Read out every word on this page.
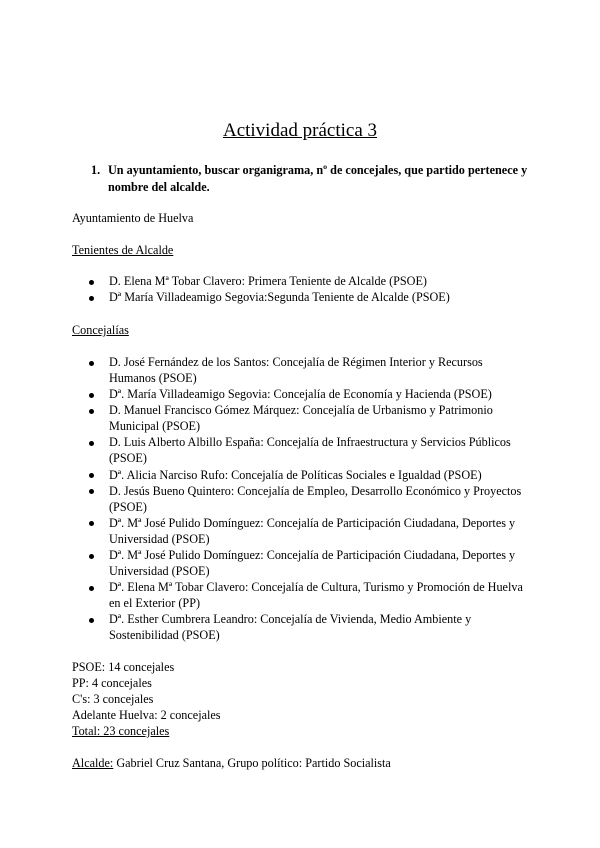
Actividad práctica 3
1. Un ayuntamiento, buscar organigrama, nº de concejales, que partido pertenece y nombre del alcalde.
Ayuntamiento de Huelva
Tenientes de Alcalde
D. Elena Mª Tobar Clavero: Primera Teniente de Alcalde (PSOE)
Dª María Villadeamigo Segovia:Segunda Teniente de Alcalde (PSOE)
Concejalías
D. José Fernández de los Santos: Concejalía de Régimen Interior y Recursos Humanos (PSOE)
Dª. María Villadeamigo Segovia: Concejalía de Economía y Hacienda (PSOE)
D. Manuel Francisco Gómez Márquez: Concejalía de Urbanismo y Patrimonio Municipal (PSOE)
D. Luis Alberto Albillo España: Concejalía de Infraestructura y Servicios Públicos (PSOE)
Dª. Alicia Narciso Rufo: Concejalía de Políticas Sociales e Igualdad (PSOE)
D. Jesús Bueno Quintero: Concejalía de Empleo, Desarrollo Económico y Proyectos (PSOE)
Dª. Mª José Pulido Domínguez: Concejalía de Participación Ciudadana, Deportes y Universidad (PSOE)
Dª. Mª José Pulido Domínguez: Concejalía de Participación Ciudadana, Deportes y Universidad (PSOE)
Dª. Elena Mª Tobar Clavero: Concejalía de Cultura, Turismo y Promoción de Huelva en el Exterior (PP)
Dª. Esther Cumbrera Leandro: Concejalía de Vivienda, Medio Ambiente y Sostenibilidad (PSOE)
PSOE: 14 concejales
PP: 4 concejales
C's: 3 concejales
Adelante Huelva: 2 concejales
Total: 23 concejales
Alcalde: Gabriel Cruz Santana, Grupo político: Partido Socialista
